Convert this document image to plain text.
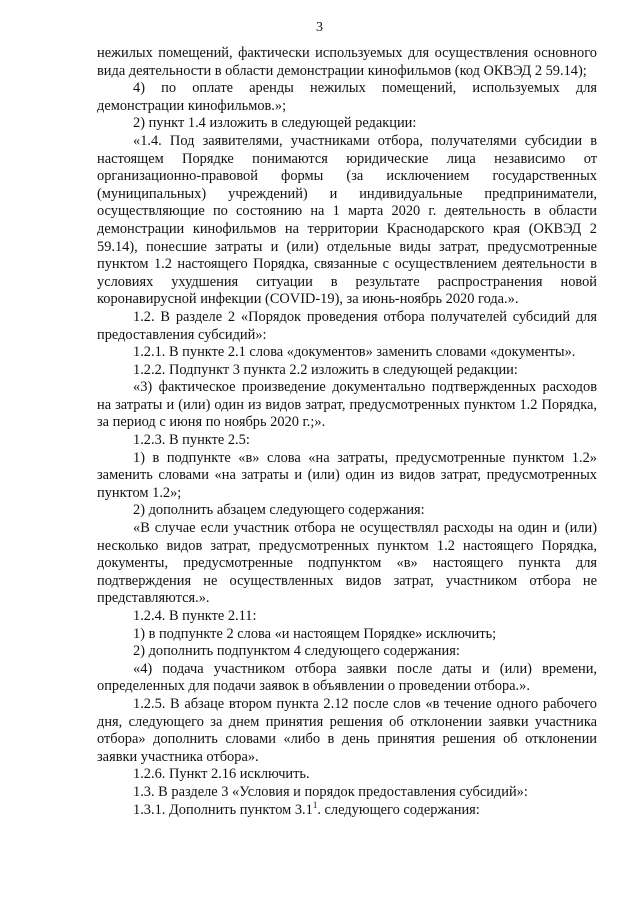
3

нежилых помещений, фактически используемых для осуществления основного вида деятельности в области демонстрации кинофильмов (код ОКВЭД 2 59.14);

4) по оплате аренды нежилых помещений, используемых для демонстрации кинофильмов.»;

2) пункт 1.4 изложить в следующей редакции:

«1.4. Под заявителями, участниками отбора, получателями субсидии в настоящем Порядке понимаются юридические лица независимо от организационно-правовой формы (за исключением государственных (муниципальных) учреждений) и индивидуальные предприниматели, осуществляющие по состоянию на 1 марта 2020 г. деятельность в области демонстрации кинофильмов на территории Краснодарского края (ОКВЭД 2 59.14), понесшие затраты и (или) отдельные виды затрат, предусмотренные пунктом 1.2 настоящего Порядка, связанные с осуществлением деятельности в условиях ухудшения ситуации в результате распространения новой коронавирусной инфекции (COVID-19), за июнь-ноябрь 2020 года.».

1.2. В разделе 2 «Порядок проведения отбора получателей субсидий для предоставления субсидий»:

1.2.1. В пункте 2.1 слова «документов» заменить словами «документы».

1.2.2. Подпункт 3 пункта 2.2 изложить в следующей редакции:

«3) фактическое произведение документально подтвержденных расходов на затраты и (или) один из видов затрат, предусмотренных пунктом 1.2 Порядка, за период с июня по ноябрь 2020 г.;».

1.2.3. В пункте 2.5:

1) в подпункте «в» слова «на затраты, предусмотренные пунктом 1.2» заменить словами «на затраты и (или) один из видов затрат, предусмотренных пунктом 1.2»;

2) дополнить абзацем следующего содержания:

«В случае если участник отбора не осуществлял расходы на один и (или) несколько видов затрат, предусмотренных пунктом 1.2 настоящего Порядка, документы, предусмотренные подпунктом «в» настоящего пункта для подтверждения не осуществленных видов затрат, участником отбора не представляются.».

1.2.4. В пункте 2.11:

1) в подпункте 2 слова «и настоящем Порядке» исключить;

2) дополнить подпунктом 4 следующего содержания:

«4) подача участником отбора заявки после даты и (или) времени, определенных для подачи заявок в объявлении о проведении отбора.».

1.2.5. В абзаце втором пункта 2.12 после слов «в течение одного рабочего дня, следующего за днем принятия решения об отклонении заявки участника отбора» дополнить словами «либо в день принятия решения об отклонении заявки участника отбора».

1.2.6. Пункт 2.16 исключить.

1.3. В разделе 3 «Условия и порядок предоставления субсидий»:

1.3.1. Дополнить пунктом $3.1^1$. следующего содержания:
